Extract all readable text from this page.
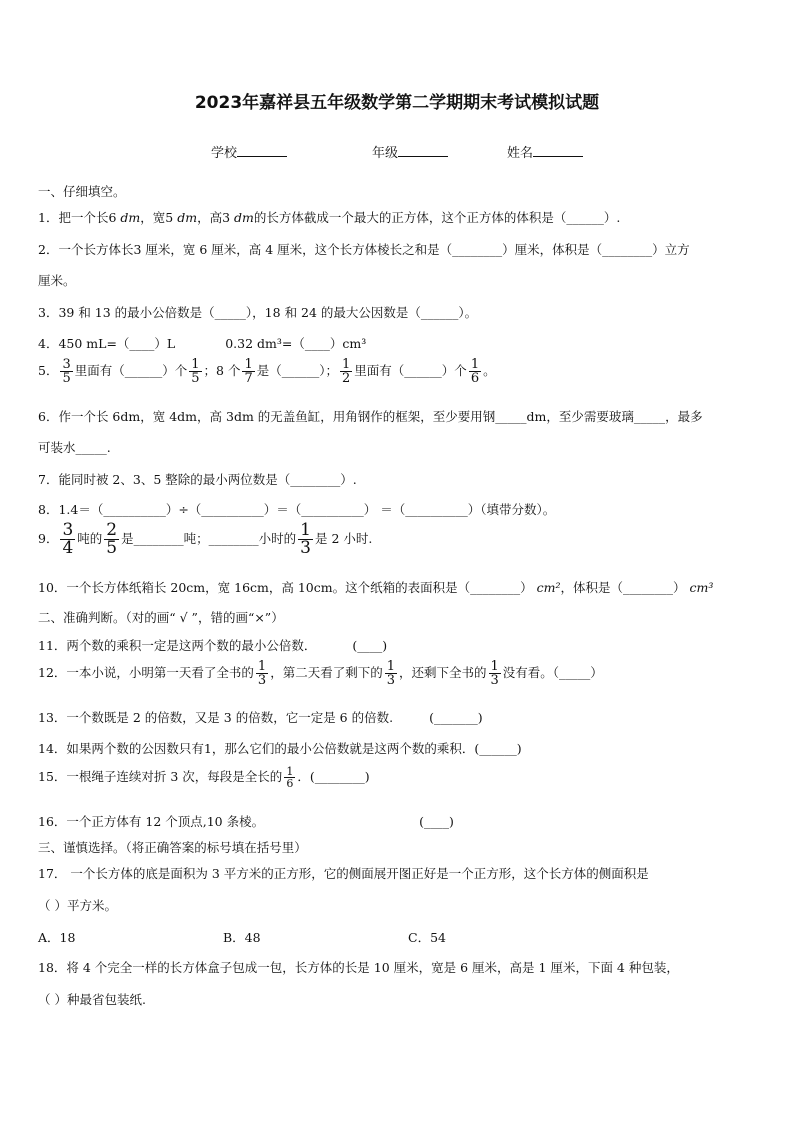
2023年嘉祥县五年级数学第二学期期末考试模拟试题
学校	年级	姓名
一、仔细填空。
1．把一个长6 dm，宽5 dm，高3 dm的长方体截成一个最大的正方体，这个正方体的体积是（______）.
2．一个长方体长3 厘米，宽 6 厘米，高 4 厘米，这个长方体棱长之和是（________）厘米，体积是（________）立方
厘米。
3．39 和 13 的最小公倍数是（_____），18 和 24 的最大公因数是（______）。
4．450 mL=（____）L	0.32 dm³=（____）cm³
5． $\frac{3}{5}$ 里面有（______）个 $\frac{1}{5}$ ；8 个 $\frac{1}{7}$ 是（______）； $\frac{1}{2}$ 里面有（______）个 $\frac{1}{6}$ 。
6．作一个长 6dm，宽 4dm，高 3dm 的无盖鱼缸，用角钢作的框架，至少要用钢_____dm，至少需要玻璃_____，最多
可装水_____.
7．能同时被 2、3、5 整除的最小两位数是（________）.
8．1.4＝（__________）÷（__________）＝（__________） ＝（__________）（填带分数）。
9． $\frac{3}{4}$ 吨的 $\frac{2}{5}$ 是________吨；________小时的 $\frac{1}{3}$ 是 2 小时.
10．一个长方体纸箱长 20cm，宽 16cm，高 10cm。这个纸箱的表面积是（________） cm²，体积是（________） cm³
二、准确判断。（对的画“ √ ”，错的画“×”）
11．两个数的乘积一定是这两个数的最小公倍数．	(____)
12．一本小说，小明第一天看了全书的 $\frac{1}{3}$ ，第二天看了剩下的 $\frac{1}{3}$ ，还剩下全书的 $\frac{1}{3}$ 没有看。（_____）
13．一个数既是 2 的倍数，又是 3 的倍数，它一定是 6 的倍数.	(_______)
14．如果两个数的公因数只有1，那么它们的最小公倍数就是这两个数的乘积．(______)
15．一根绳子连续对折 3 次，每段是全长的 $\frac{1}{6}$ ．(________)
16．一个正方体有 12 个顶点,10 条棱。	(____)
三、谨慎选择。（将正确答案的标号填在括号里）
17． 一个长方体的底是面积为 3 平方米的正方形，它的侧面展开图正好是一个正方形，这个长方体的侧面积是
（ ）平方米。
A．18	B．48	C．54
18．将 4 个完全一样的长方体盒子包成一包，长方体的长是 10 厘米，宽是 6 厘米，高是 1 厘米，下面 4 种包装，
（ ）种最省包装纸.
